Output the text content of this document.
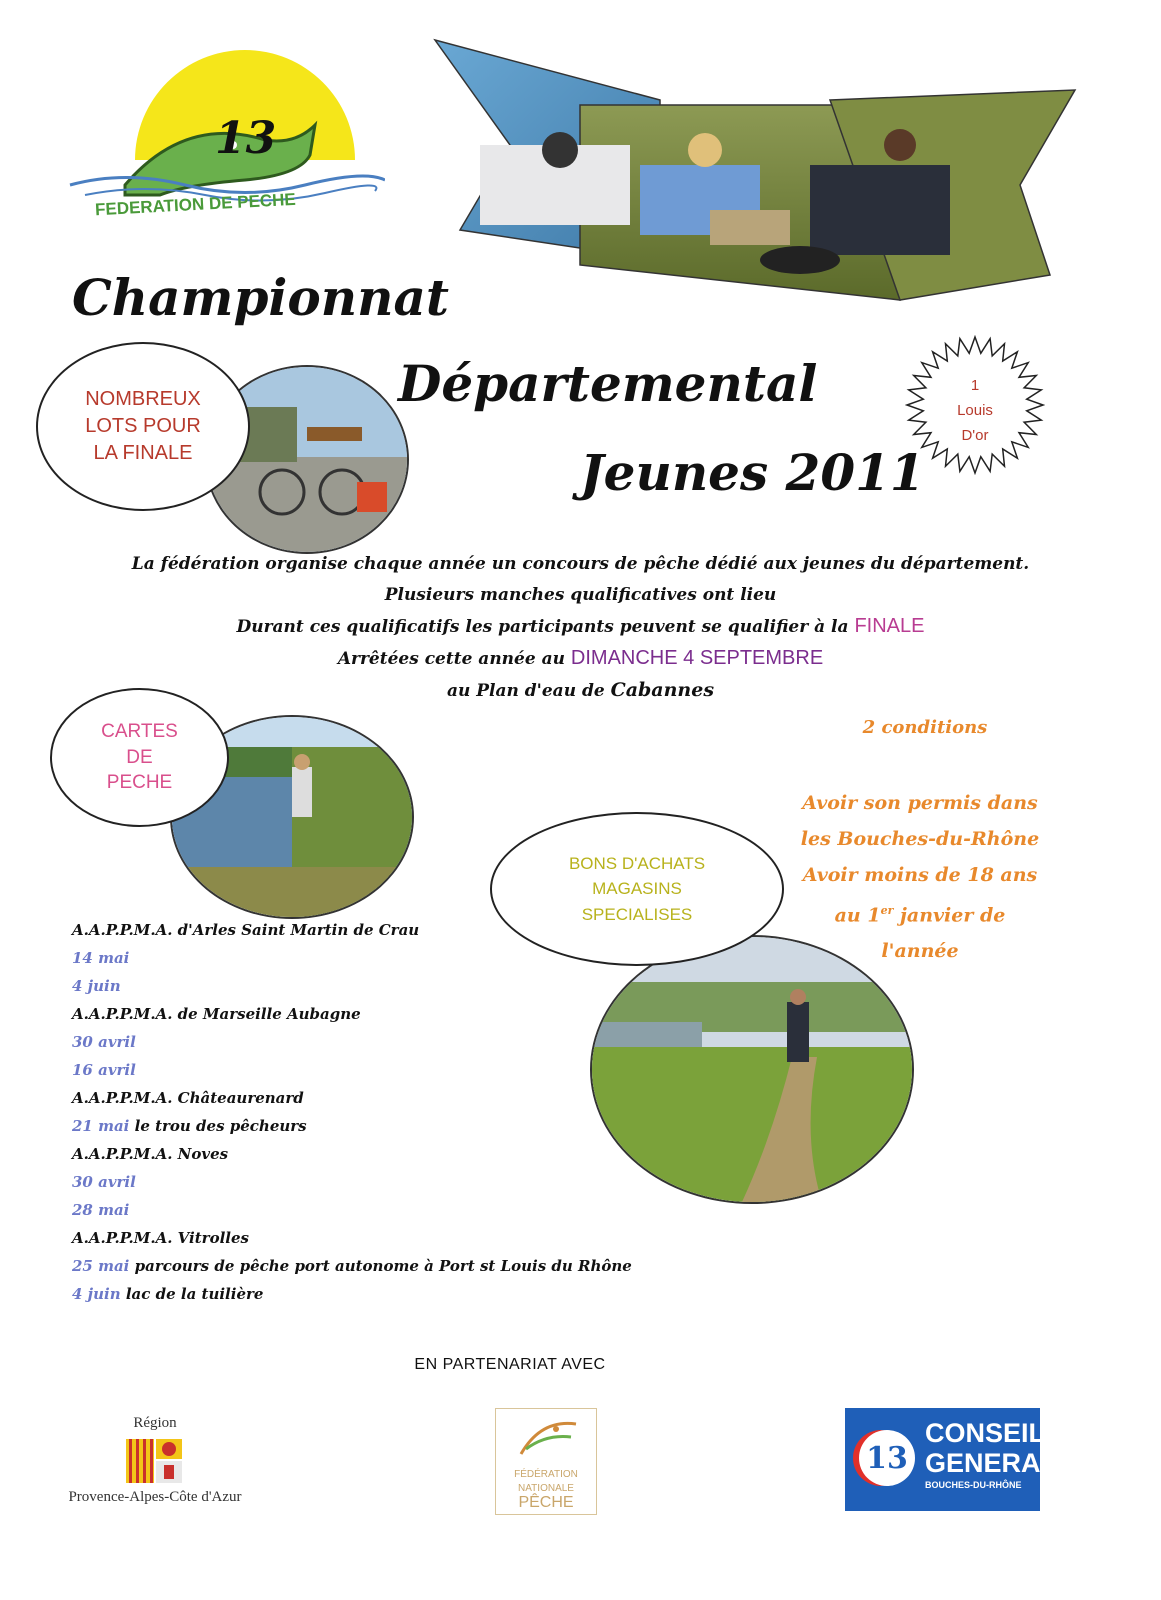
13
FEDERATION DE PECHE
Championnat
Départemental
Jeunes 2011
1
Louis
D'or
NOMBREUX LOTS POUR LA FINALE

La fédération organise chaque année un concours de pêche dédié aux jeunes du département.

Plusieurs manches qualificatives ont lieu

Durant ces qualificatifs les participants peuvent se qualifier à la FINALE

Arrêtées cette année au DIMANCHE 4 SEPTEMBRE

au Plan d'eau de Cabannes

CARTES DE PECHE
2 conditions
Avoir son permis dans
les Bouches-du-Rhône
Avoir moins de 18 ans
au 1er janvier de
l'année
BONS D'ACHATS MAGASINS SPECIALISES
A.A.P.P.M.A. d'Arles Saint Martin de Crau
14 mai
4 juin
A.A.P.P.M.A. de Marseille Aubagne
30 avril
16 avril
A.A.P.P.M.A. Châteaurenard
21 mai le trou des pêcheurs
A.A.P.P.M.A. Noves
30 avril
28 mai
A.A.P.P.M.A. Vitrolles
25 mai parcours de pêche port autonome à Port st Louis du Rhône
4 juin lac de la tuilière
EN PARTENARIAT AVEC
Région
Provence-Alpes-Côte d'Azur
FÉDÉRATION
NATIONALE
PÊCHE
13
CONSEIL
GENERAL
BOUCHES-DU-RHÔNE
